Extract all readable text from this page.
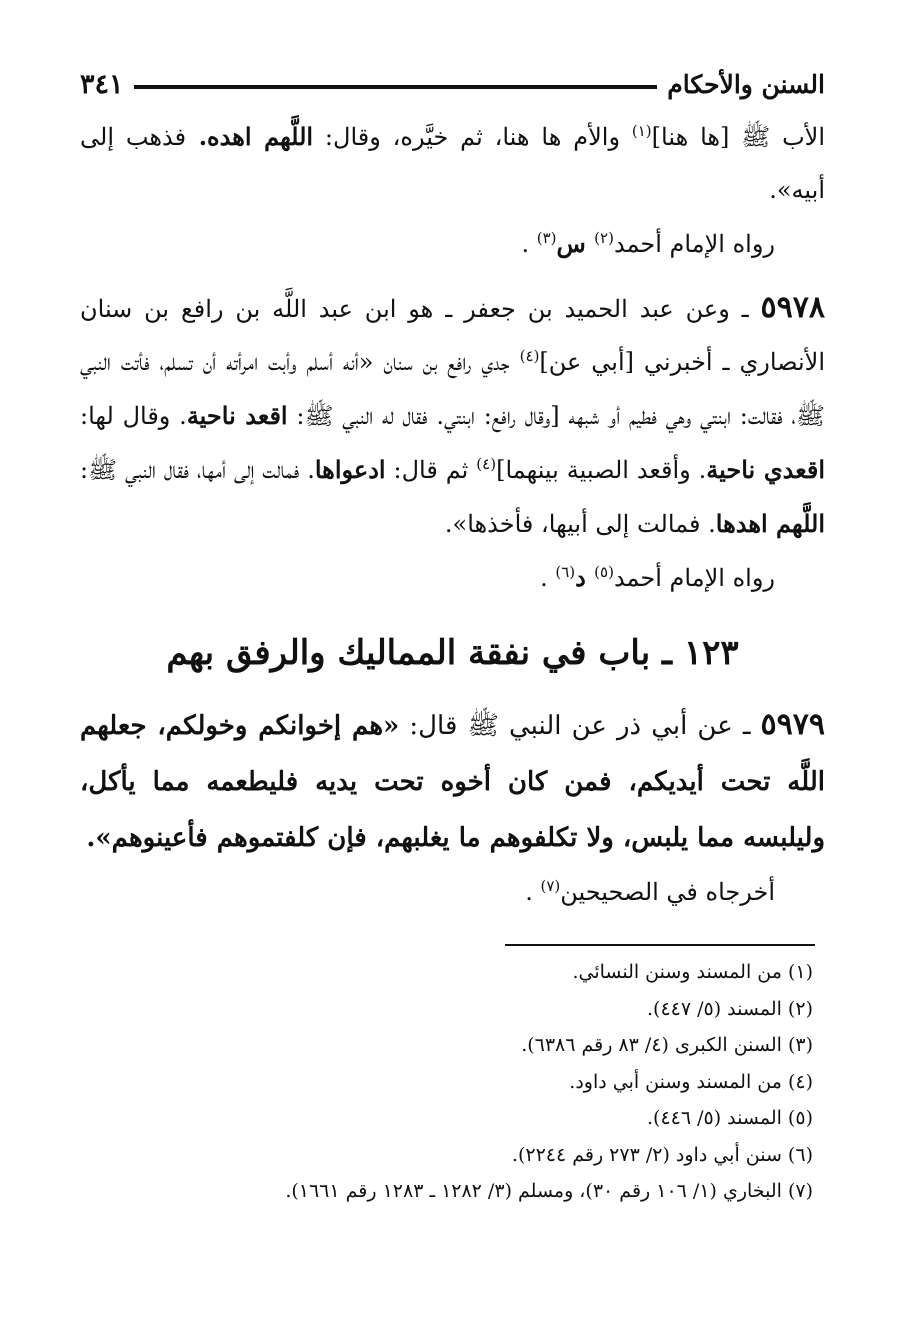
السنن والأحكام
٣٤١

الأب ﷺ [ها هنا]$^{(١)}$ والأم ها هنا، ثم خيَّره، وقال: اللَّهم اهده. فذهب إلى أبيه».

رواه الإمام أحمد$^{(٢)}$ س$^{(٣)}$ .

٥٩٧٨ ـ وعن عبد الحميد بن جعفر ـ هو ابن عبد اللَّه بن رافع بن سنان الأنصاري ـ أخبرني [أبي عن]$^{(٤)}$ جدي رافع بن سنان «أنه أسلم وأبت امرأته أن تسلم، فأتت النبي ﷺ، فقالت: ابنتي وهي فطيم أو شبهه [وقال رافع: ابنتي. فقال له النبي ﷺ: اقعد ناحية. وقال لها: اقعدي ناحية. وأقعد الصبية بينهما]$^{(٤)}$ ثم قال: ادعواها. فمالت إلى أمها، فقال النبي ﷺ: اللَّهم اهدها. فمالت إلى أبيها، فأخذها».

رواه الإمام أحمد$^{(٥)}$ د$^{(٦)}$ .

١٢٣ ـ باب في نفقة المماليك والرفق بهم

٥٩٧٩ ـ عن أبي ذر عن النبي ﷺ قال: «هم إخوانكم وخولكم، جعلهم اللَّه تحت أيديكم، فمن كان أخوه تحت يديه فليطعمه مما يأكل، وليلبسه مما يلبس، ولا تكلفوهم ما يغلبهم، فإن كلفتموهم فأعينوهم».

أخرجاه في الصحيحين$^{(٧)}$ .

(١) من المسند وسنن النسائي.

(٢) المسند (٥/ ٤٤٧).

(٣) السنن الكبرى (٤/ ٨٣ رقم ٦٣٨٦).

(٤) من المسند وسنن أبي داود.

(٥) المسند (٥/ ٤٤٦).

(٦) سنن أبي داود (٢/ ٢٧٣ رقم ٢٢٤٤).

(٧) البخاري (١/ ١٠٦ رقم ٣٠)، ومسلم (٣/ ١٢٨٢ ـ ١٢٨٣ رقم ١٦٦١).
